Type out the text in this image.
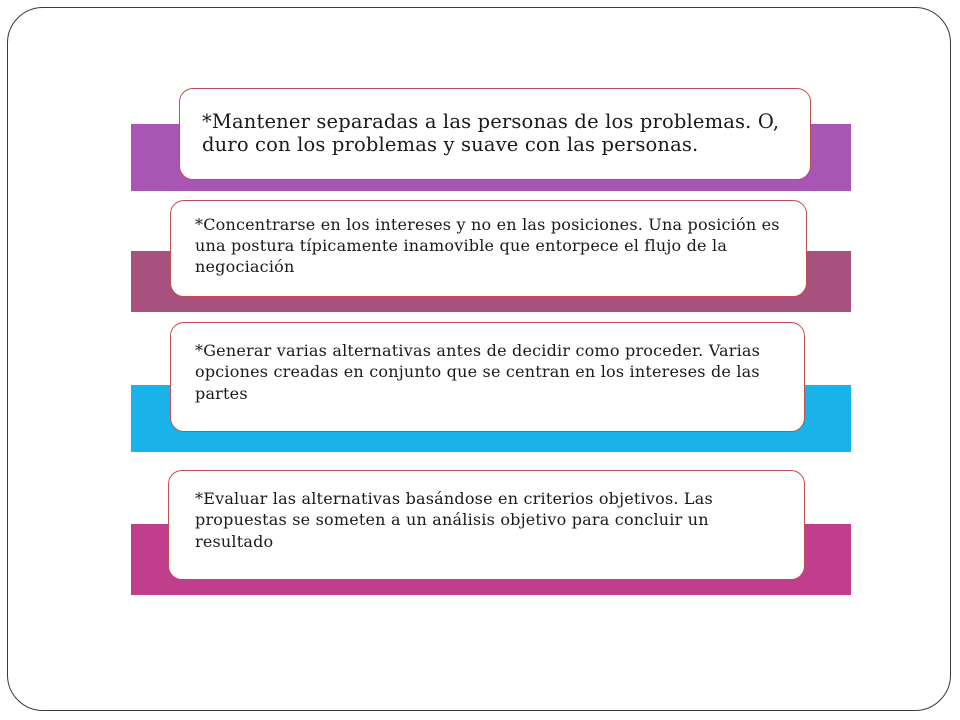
*Mantener separadas a las personas de los problemas. O, duro con los problemas y suave con las personas.
*Concentrarse en los intereses y no en las posiciones. Una posición es una postura típicamente inamovible que entorpece el flujo de la negociación
*Generar varias alternativas antes de decidir como proceder. Varias opciones creadas en conjunto que se centran en los intereses de las partes
*Evaluar las alternativas basándose en criterios objetivos. Las propuestas se someten a un análisis objetivo para concluir un resultado
